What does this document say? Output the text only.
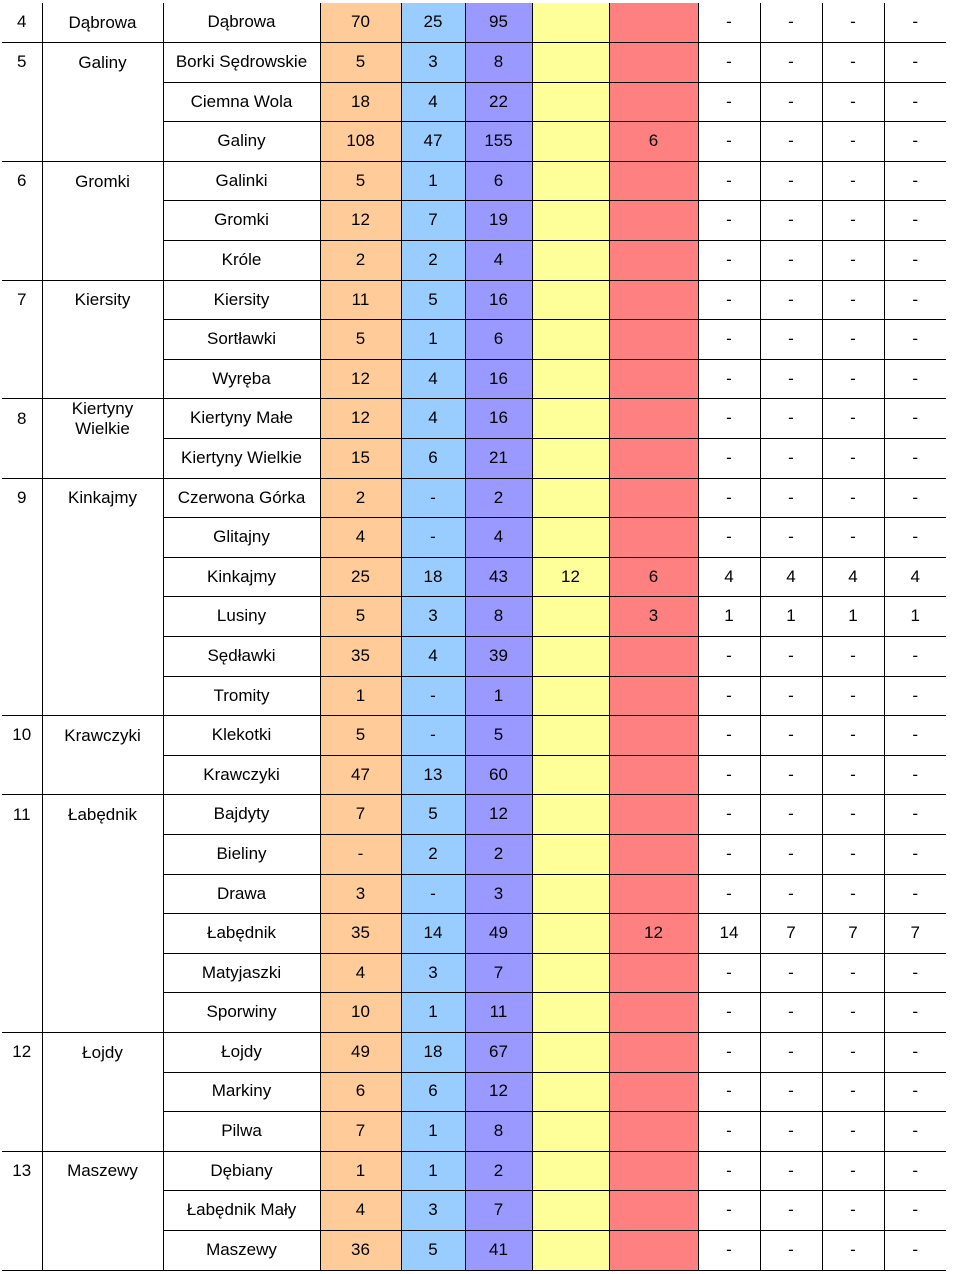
4	Dąbrowa	Dąbrowa	70	25	95			-	-	-	-
5	Galiny	Borki Sędrowskie	5	3	8			-	-	-	-
		Ciemna Wola	18	4	22			-	-	-	-
		Galiny	108	47	155		6	-	-	-	-
6	Gromki	Galinki	5	1	6			-	-	-	-
		Gromki	12	7	19			-	-	-	-
		Króle	2	2	4			-	-	-	-
7	Kiersity	Kiersity	11	5	16			-	-	-	-
		Sortławki	5	1	6			-	-	-	-
		Wyręba	12	4	16			-	-	-	-
8	Kiertyny Wielkie	Kiertyny Małe	12	4	16			-	-	-	-
		Kiertyny Wielkie	15	6	21			-	-	-	-
9	Kinkajmy	Czerwona Górka	2	-	2			-	-	-	-
		Glitajny	4	-	4			-	-	-	-
		Kinkajmy	25	18	43	12	6	4	4	4	4
		Lusiny	5	3	8		3	1	1	1	1
		Sędławki	35	4	39			-	-	-	-
		Tromity	1	-	1			-	-	-	-
10	Krawczyki	Klekotki	5	-	5			-	-	-	-
		Krawczyki	47	13	60			-	-	-	-
11	Łabędnik	Bajdyty	7	5	12			-	-	-	-
		Bieliny	-	2	2			-	-	-	-
		Drawa	3	-	3			-	-	-	-
		Łabędnik	35	14	49		12	14	7	7	7
		Matyjaszki	4	3	7			-	-	-	-
		Sporwiny	10	1	11			-	-	-	-
12	Łojdy	Łojdy	49	18	67			-	-	-	-
		Markiny	6	6	12			-	-	-	-
		Pilwa	7	1	8			-	-	-	-
13	Maszewy	Dębiany	1	1	2			-	-	-	-
		Łabędnik Mały	4	3	7			-	-	-	-
		Maszewy	36	5	41			-	-	-	-
